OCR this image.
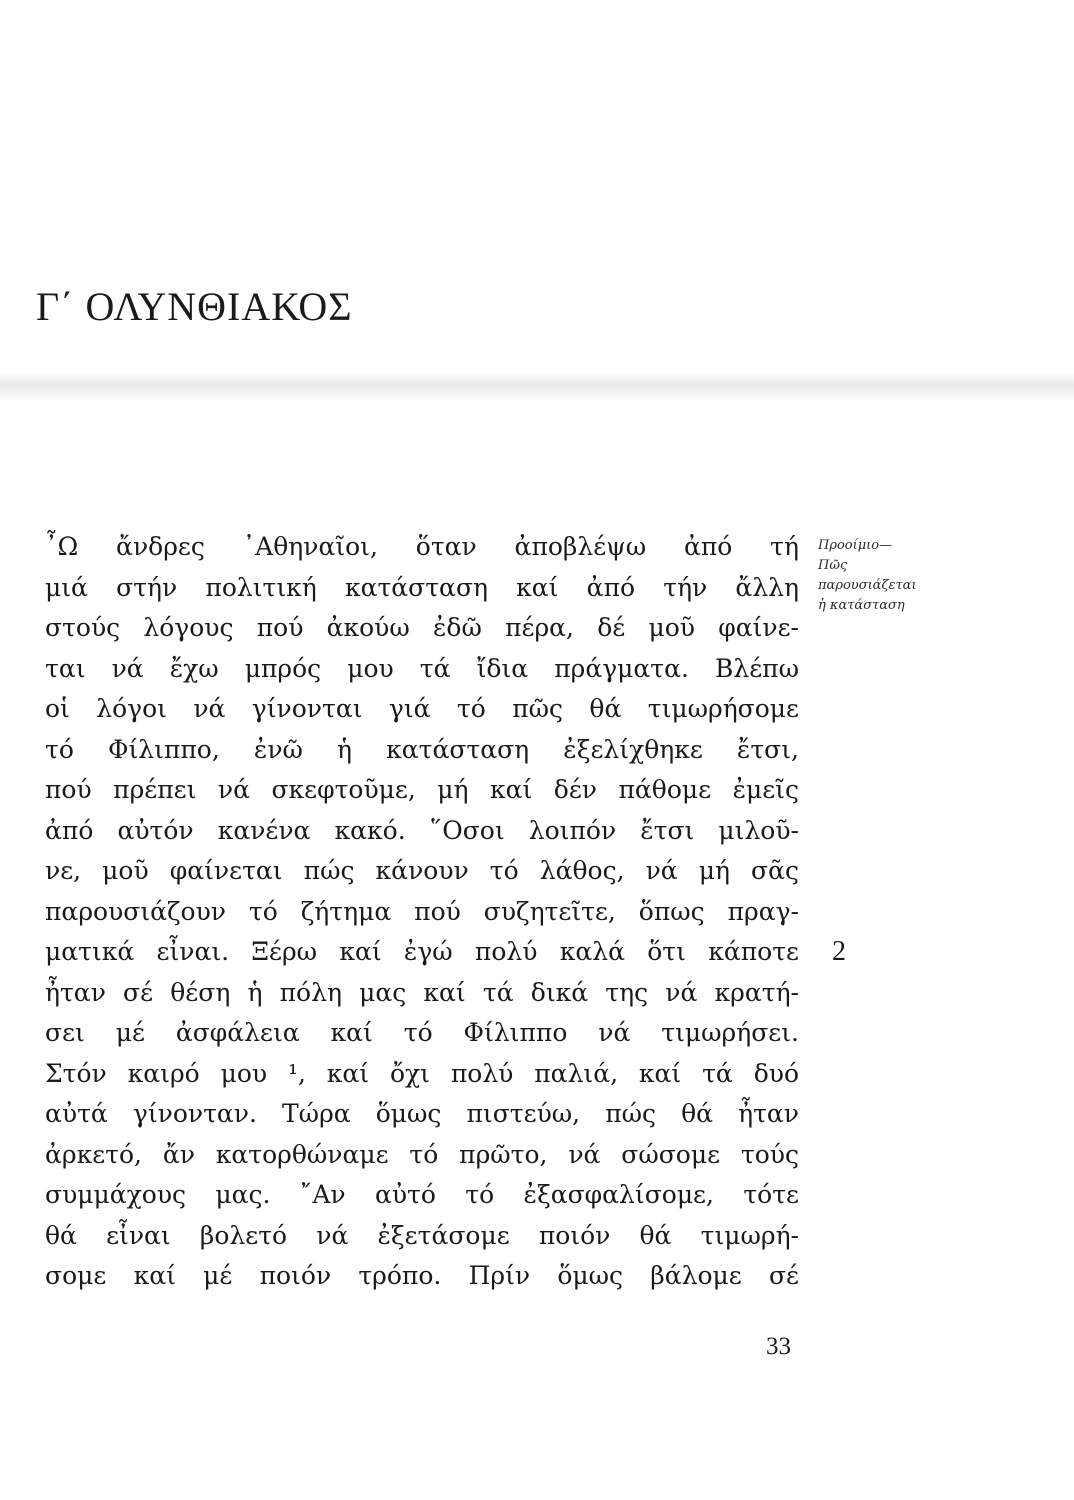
Γ΄ ΟΛΥΝΘΙΑΚΟΣ
῏Ω ἄνδρες ᾿Αθηναῖοι, ὅταν ἀποβλέψω ἀπό τή
μιά στήν πολιτική κατάσταση καί ἀπό τήν ἄλλη
στούς λόγους πού ἀκούω ἐδῶ πέρα, δέ μοῦ φαίνε-
ται νά ἔχω μπρός μου τά ἴδια πράγματα. Βλέπω
οἱ λόγοι νά γίνονται γιά τό πῶς θά τιμωρήσομε
τό Φίλιππο, ἐνῶ ἡ κατάσταση ἐξελίχθηκε ἔτσι,
πού πρέπει νά σκεφτοῦμε, μή καί δέν πάθομε ἐμεῖς
ἀπό αὐτόν κανένα κακό. ῞Οσοι λοιπόν ἔτσι μιλοῦ-
νε, μοῦ φαίνεται πώς κάνουν τό λάθος, νά μή σᾶς
παρουσιάζουν τό ζήτημα πού συζητεῖτε, ὅπως πραγ-
ματικά εἶναι. Ξέρω καί ἐγώ πολύ καλά ὅτι κάποτε
ἦταν σέ θέση ἡ πόλη μας καί τά δικά της νά κρατή-
σει μέ ἀσφάλεια καί τό Φίλιππο νά τιμωρήσει.
Στόν καιρό μου ¹, καί ὄχι πολύ παλιά, καί τά δυό
αὐτά γίνονταν. Τώρα ὅμως πιστεύω, πώς θά ἦταν
ἀρκετό, ἄν κατορθώναμε τό πρῶτο, νά σώσομε τούς
συμμάχους μας. ῎Αν αὐτό τό ἐξασφαλίσομε, τότε
θά εἶναι βολετό νά ἐξετάσομε ποιόν θά τιμωρή-
σομε καί μέ ποιόν τρόπο. Πρίν ὅμως βάλομε σέ
Προοίμιο—
Πῶς
παρουσιάζεται
ἡ κατάσταση
2
33
